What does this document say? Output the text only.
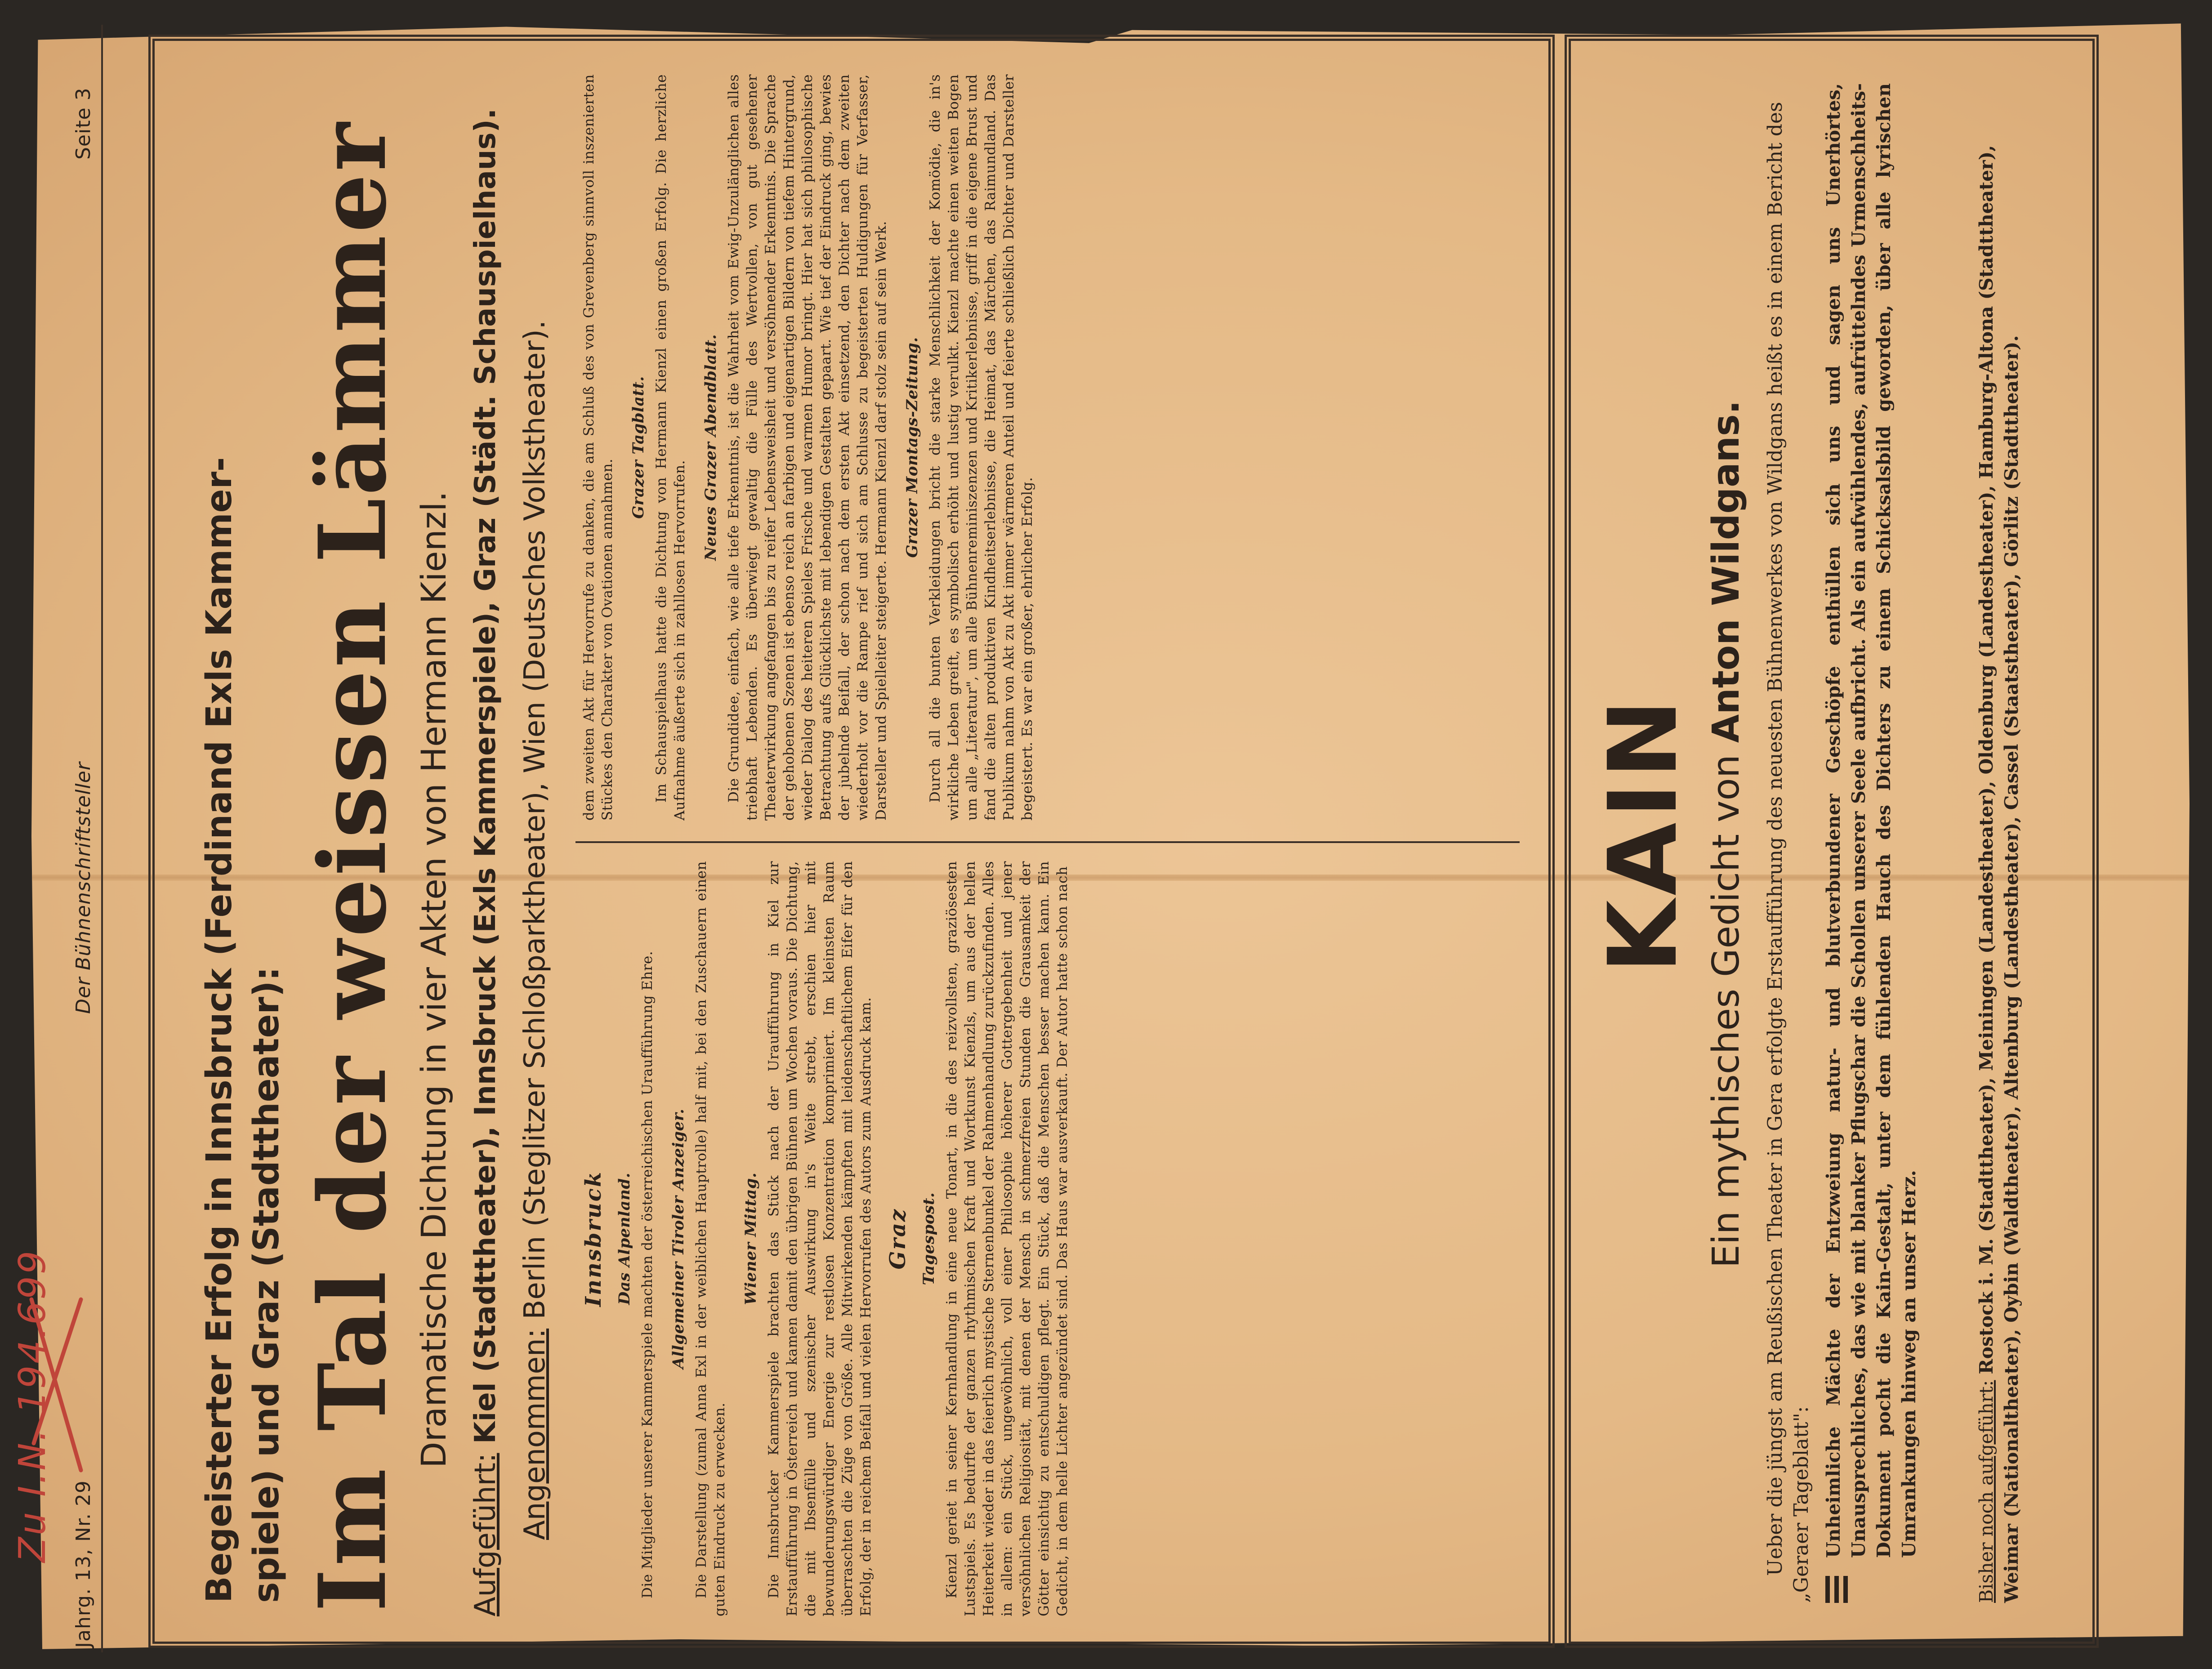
Jahrg. 13, Nr. 29
Der Bühnenschriftsteller
Seite 3
Begeisterter Erfolg in Innsbruck (Ferdinand Exls Kammer- spiele) und Graz (Stadttheater): Im Tal der weissen Lämmer Dramatische Dichtung in vier Akten von Hermann Kienzl.
Aufgeführt: Kiel (Stadttheater), Innsbruck (Exls Kammerspiele), Graz (Städt. Schauspielhaus). Angenommen: Berlin (Steglitzer Schloßparktheater), Wien (Deutsches Volkstheater). Innsbruck Das Alpenland. Die Mitglieder unserer Kammerspiele machten der österreichischen Uraufführung Ehre. Allgemeiner Tiroler Anzeiger. Die Darstellung (zumal Anna Exl in der weiblichen Hauptrolle) half mit, bei den Zuschauern einen guten Eindruck zu erwecken.

Wiener Mittag. Die Innsbrucker Kammerspiele brachten das Stück nach der Uraufführung in Kiel zur Erstaufführung in Österreich und kamen damit den übrigen Bühnen um Wochen voraus. Die Dichtung, die mit Ibsenfülle und szenischer Auswirkung in's Weite strebt, erschien hier mit bewunderungswürdiger Energie zur restlosen Konzentration komprimiert. Im kleinsten Raum überraschten die Züge von Größe. Alle Mitwirkenden kämpften mit leidenschaftlichem Eifer für den Erfolg, der in reichem Beifall und vielen Hervorrufen des Autors zum Ausdruck kam. Graz Tagespost. Kienzl geriet in seiner Kernhandlung in eine neue Tonart, in die des reizvollsten, graziösesten Lustspiels. Es bedurfte der ganzen rhythmischen Kraft und Wortkunst Kienzls, um aus der hellen Heiterkeit wieder in das feierlich mystische Sternenbunkel der Rahmenhandlung zurückzufinden. Alles in allem: ein Stück, ungewöhnlich, voll einer Philosophie höherer Gottergebenheit und jener versöhnlichen Religiosität, mit denen der Mensch in schmerzfreien Stunden die Grausamkeit der Götter einsichtig zu entschuldigen pflegt. Ein Stück, daß die Menschen besser machen kann. Ein Gedicht, in dem helle Lichter angezündet sind. Das Haus war ausverkauft. Der Autor hatte schon nach

dem zweiten Akt für Hervorrufe zu danken, die am Schluß des von Grevenberg sinnvoll inszenierten Stückes den Charakter von Ovationen annahmen.

Grazer Tagblatt. Im Schauspielhaus hatte die Dichtung von Hermann Kienzl einen großen Erfolg. Die herzliche Aufnahme äußerte sich in zahllosen Hervorrufen.

Neues Grazer Abendblatt. Die Grundidee, einfach, wie alle tiefe Erkenntnis, ist die Wahrheit vom Ewig-Unzulänglichen alles triebhaft Lebenden. Es überwiegt gewaltig die Fülle des Wertvollen, von gut gesehener Theaterwirkung angefangen bis zu reifer Lebensweisheit und versöhnender Erkenntnis. Die Sprache der gehobenen Szenen ist ebenso reich an farbigen und eigenartigen Bildern von tiefem Hintergrund, wieder Dialog des heiteren Spieles Frische und warmen Humor bringt. Hier hat sich philosophische Betrachtung aufs Glücklichste mit lebendigen Gestalten gepaart. Wie tief der Eindruck ging, bewies der jubelnde Beifall, der schon nach dem ersten Akt einsetzend, den Dichter nach dem zweiten wiederholt vor die Rampe rief und sich am Schlusse zu begeisterten Huldigungen für Verfasser, Darsteller und Spielleiter steigerte. Hermann Kienzl darf stolz sein auf sein Werk. Grazer Montags-Zeitung. Durch all die bunten Verkleidungen bricht die starke Menschlichkeit der Komödie, die in's wirkliche Leben greift, es symbolisch erhöht und lustig verulkt. Kienzl machte einen weiten Bogen um alle „Literatur", um alle Bühnenreminiszenzen und Kritikerlebnisse, griff in die eigene Brust und fand die alten produktiven Kindheitserlebnisse, die Heimat, das Märchen, das Raimundland. Das Publikum nahm von Akt zu Akt immer wärmeren Anteil und feierte schließlich Dichter und Darsteller begeistert. Es war ein großer, ehrlicher Erfolg.

KAIN Ein mythisches Gedicht von Anton Wildgans. Ueber die jüngst am Reußischen Theater in Gera erfolgte Erstaufführung des neuesten Bühnenwerkes von Wildgans heißt es in einem Bericht des „Geraer Tageblatt": Unheimliche Mächte der Entzweiung natur- und blutverbundener Geschöpfe enthüllen sich uns und sagen uns Unerhörtes, Unausprechliches, das wie mit blanker Pflugschar die Schollen unserer Seele aufbricht. Als ein aufwühlendes, aufrüttelndes Urmenschheits-Dokument pocht die Kain-Gestalt, unter dem fühlenden Hauch des Dichters zu einem Schicksalsbild geworden, über alle lyrischen Umrankungen hinweg an unser Herz.	Bisher noch aufgeführt: Rostock i. M. (Stadttheater), Meiningen (Landestheater), Oldenburg (Landestheater), Hamburg-Altona (Stadttheater), Weimar (Nationaltheater), Oybin (Waldtheater), Altenburg (Landestheater), Cassel (Staatstheater), Görlitz (Stadttheater).
Zu I.N. 194.699
